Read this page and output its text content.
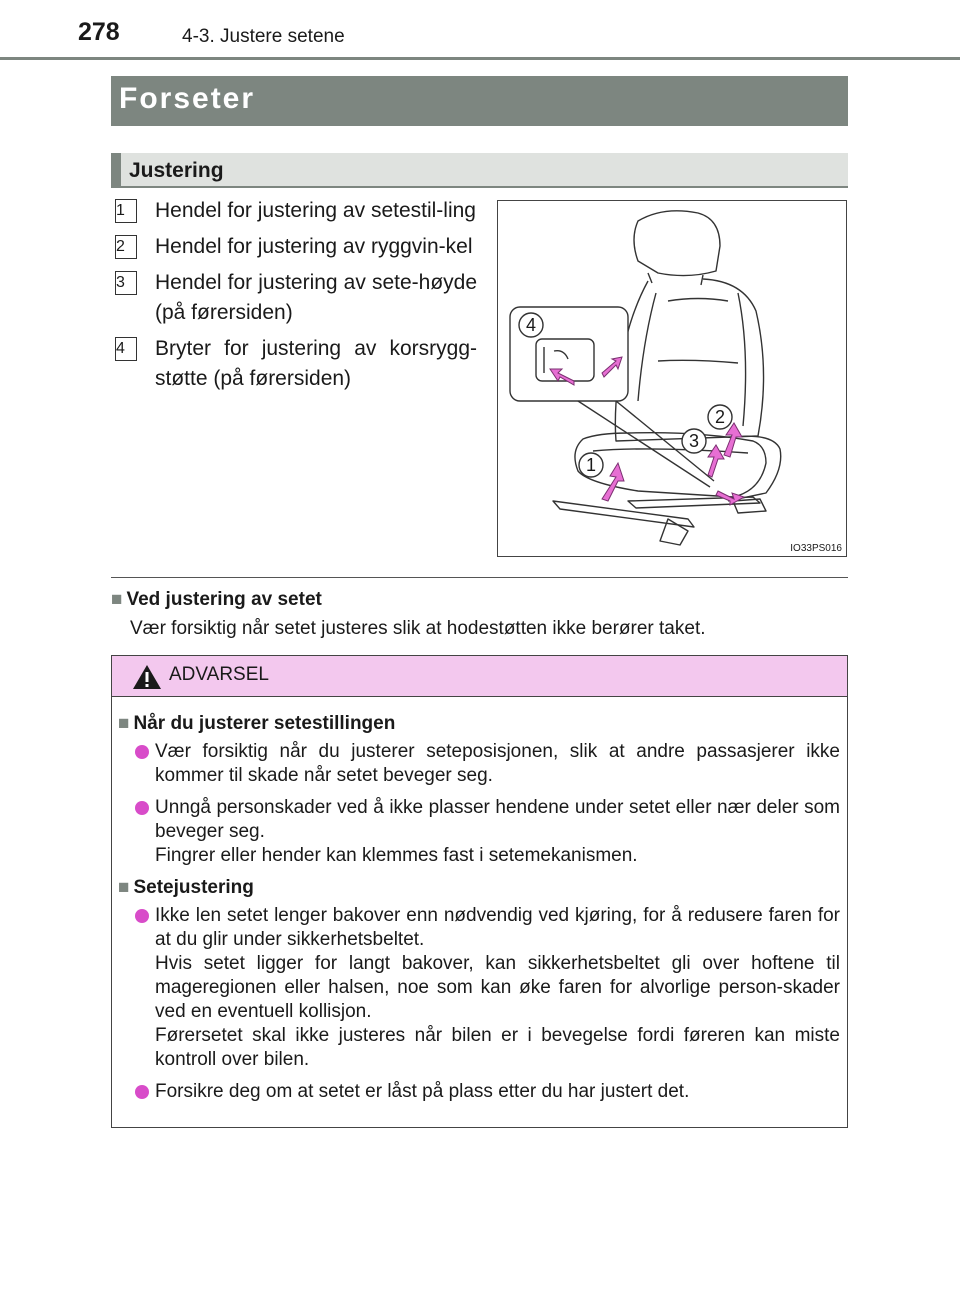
278	4-3. Justere setene
Forseter
Justering
1	Hendel for justering av setestil-ling
2	Hendel for justering av ryggvin-kel
3	Hendel for justering av sete-høyde (på førersiden)
4	Bryter for justering av korsrygg-støtte (på førersiden)
4
2
3
1
IO33PS016
■ Ved justering av setet
Vær forsiktig når setet justeres slik at hodestøtten ikke berører taket.
ADVARSEL
■ Når du justerer setestillingen

Vær forsiktig når du justerer seteposisjonen, slik at andre passasjerer ikke kommer til skade når setet beveger seg.

Unngå personskader ved å ikke plasser hendene under setet eller nær deler som beveger seg.

Fingrer eller hender kan klemmes fast i setemekanismen.

■ Setejustering

Ikke len setet lenger bakover enn nødvendig ved kjøring, for å redusere faren for at du glir under sikkerhetsbeltet.

Hvis setet ligger for langt bakover, kan sikkerhetsbeltet gli over hoftene til mageregionen eller halsen, noe som kan øke faren for alvorlige person-skader ved en eventuell kollisjon.

Førersetet skal ikke justeres når bilen er i bevegelse fordi føreren kan miste kontroll over bilen.

Forsikre deg om at setet er låst på plass etter du har justert det.
